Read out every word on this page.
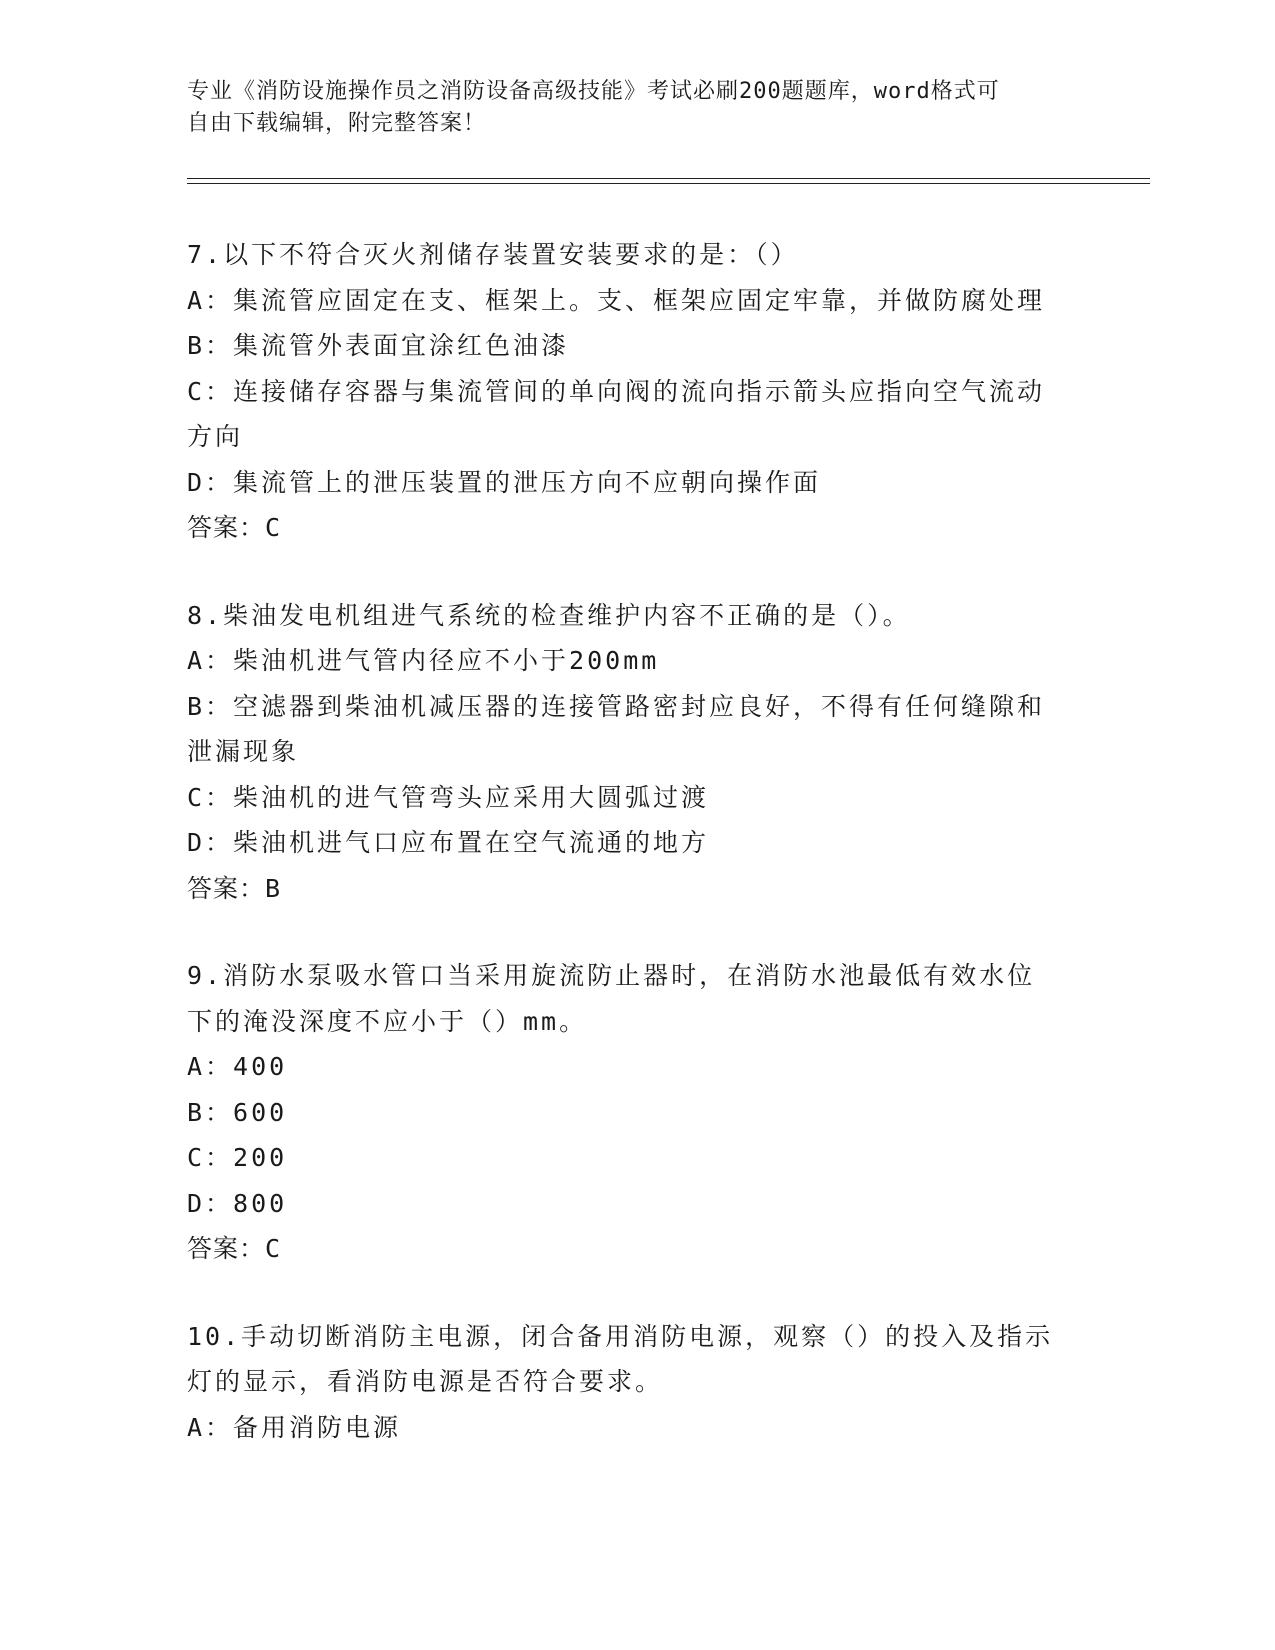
专业《消防设施操作员之消防设备高级技能》考试必刷200题题库，word格式可
自由下载编辑，附完整答案！
7.以下不符合灭火剂储存装置安装要求的是：（）
A：集流管应固定在支、框架上。支、框架应固定牢靠，并做防腐处理
B：集流管外表面宜涂红色油漆
C：连接储存容器与集流管间的单向阀的流向指示箭头应指向空气流动
方向
D：集流管上的泄压装置的泄压方向不应朝向操作面
答案：C
8.柴油发电机组进气系统的检查维护内容不正确的是（）。
A：柴油机进气管内径应不小于200mm
B：空滤器到柴油机减压器的连接管路密封应良好，不得有任何缝隙和
泄漏现象
C：柴油机的进气管弯头应采用大圆弧过渡
D：柴油机进气口应布置在空气流通的地方
答案：B
9.消防水泵吸水管口当采用旋流防止器时，在消防水池最低有效水位
下的淹没深度不应小于（）mm。
A：400
B：600
C：200
D：800
答案：C
10.手动切断消防主电源，闭合备用消防电源，观察（）的投入及指示
灯的显示，看消防电源是否符合要求。
A：备用消防电源
